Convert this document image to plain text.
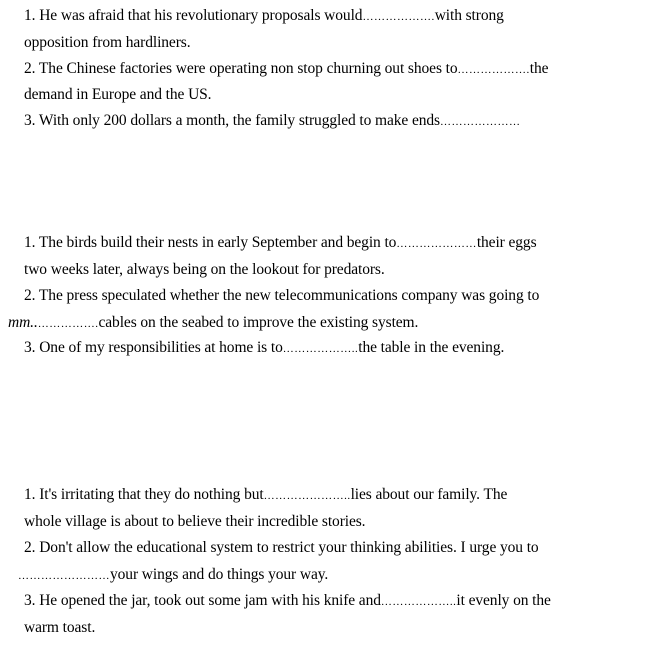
1. He was afraid that his revolutionary proposals would……………….with strong
opposition from hardliners.
2. The Chinese factories were operating non stop churning out shoes to……………….the
demand in Europe and the US.
3. With only 200 dollars a month, the family struggled to make ends…………………
1. The birds build their nests in early September and begin to…………………their eggs
two weeks later, always being on the lookout for predators.
2. The press speculated whether the new telecommunications company was going to
mm..…………….cables on the seabed to improve the existing system.
3. One of my responsibilities at home is to………………..the table in the evening.
1. It's irritating that they do nothing but…………………..lies about our family. The
whole village is about to believe their incredible stories.
2. Don't allow the educational system to restrict your thinking abilities. I urge you to
……………………your wings and do things your way.
3. He opened the jar, took out some jam with his knife and………………..it evenly on the
warm toast.
